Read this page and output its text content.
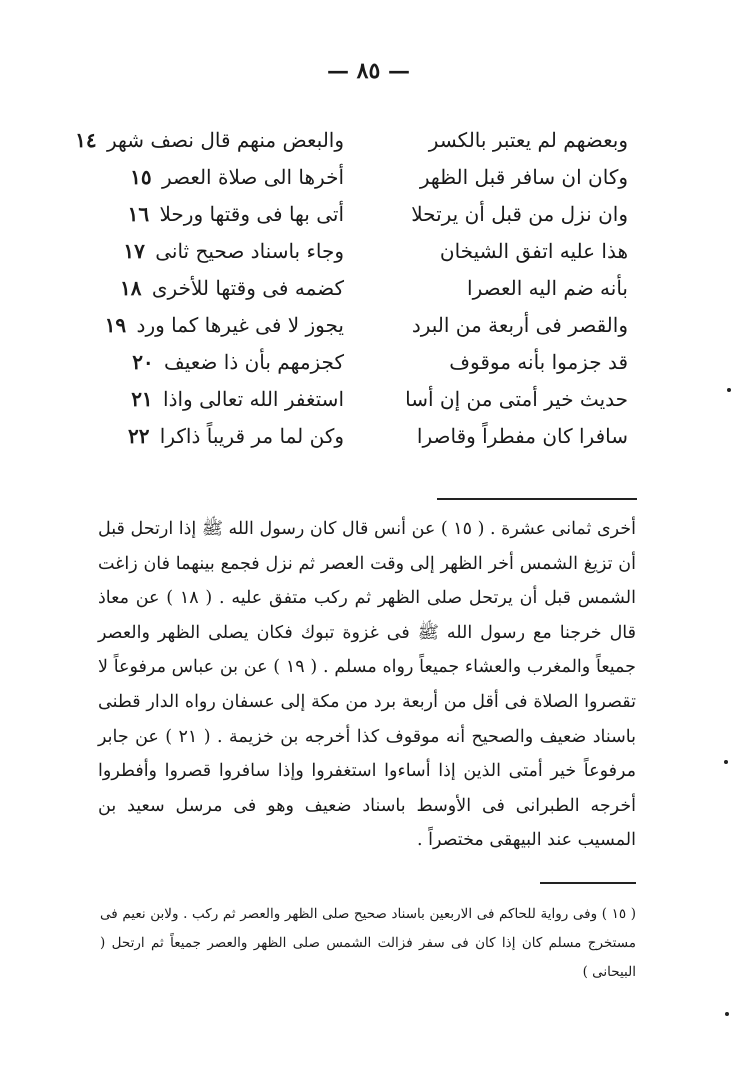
— ٨٥ —
وبعضهم لم يعتبر بالكسر
والبعض منهم قال نصف شهر ١٤
وكان ان سافر قبل الظهر
أخرها الى صلاة العصر ١٥
وان نزل من قبل أن يرتحلا
أتى بها فى وقتها ورحلا ١٦
هذا عليه اتفق الشيخان
وجاء باسناد صحيح ثانى ١٧
بأنه ضم اليه العصرا
كضمه فى وقتها للأخرى ١٨
والقصر فى أربعة من البرد
يجوز لا فى غيرها كما ورد ١٩
قد جزموا بأنه موقوف
كجزمهم بأن ذا ضعيف ٢٠
حديث خير أمتى من إن أسا
استغفر الله تعالى واذا ٢١
سافرا كان مفطراً وقاصرا
وكن لما مر قريباً ذاكرا ٢٢
أخرى ثمانى عشرة . ( ١٥ ) عن أنس قال كان رسول الله ﷺ إذا ارتحل قبل أن تزيغ الشمس أخر الظهر إلى وقت العصر ثم نزل فجمع بينهما فان زاغت الشمس قبل أن يرتحل صلى الظهر ثم ركب متفق عليه . ( ١٨ ) عن معاذ قال خرجنا مع رسول الله ﷺ فى غزوة تبوك فكان يصلى الظهر والعصر جميعاً والمغرب والعشاء جميعاً رواه مسلم . ( ١٩ ) عن بن عباس مرفوعاً لا تقصروا الصلاة فى أقل من أربعة برد من مكة إلى عسفان رواه الدار قطنى باسناد ضعيف والصحيح أنه موقوف كذا أخرجه بن خزيمة . ( ٢١ ) عن جابر مرفوعاً خير أمتى الذين إذا أساءوا استغفروا وإذا سافروا قصروا وأفطروا أخرجه الطبرانى فى الأوسط باسناد ضعيف وهو فى مرسل سعيد بن المسيب عند البيهقى مختصراً .
( ١٥ ) وفى رواية للحاكم فى الاربعين باسناد صحيح صلى الظهر والعصر ثم ركب . ولابن نعيم فى مستخرج مسلم كان إذا كان فى سفر فزالت الشمس صلى الظهر والعصر جميعاً ثم ارتحل ( البيحانى )
